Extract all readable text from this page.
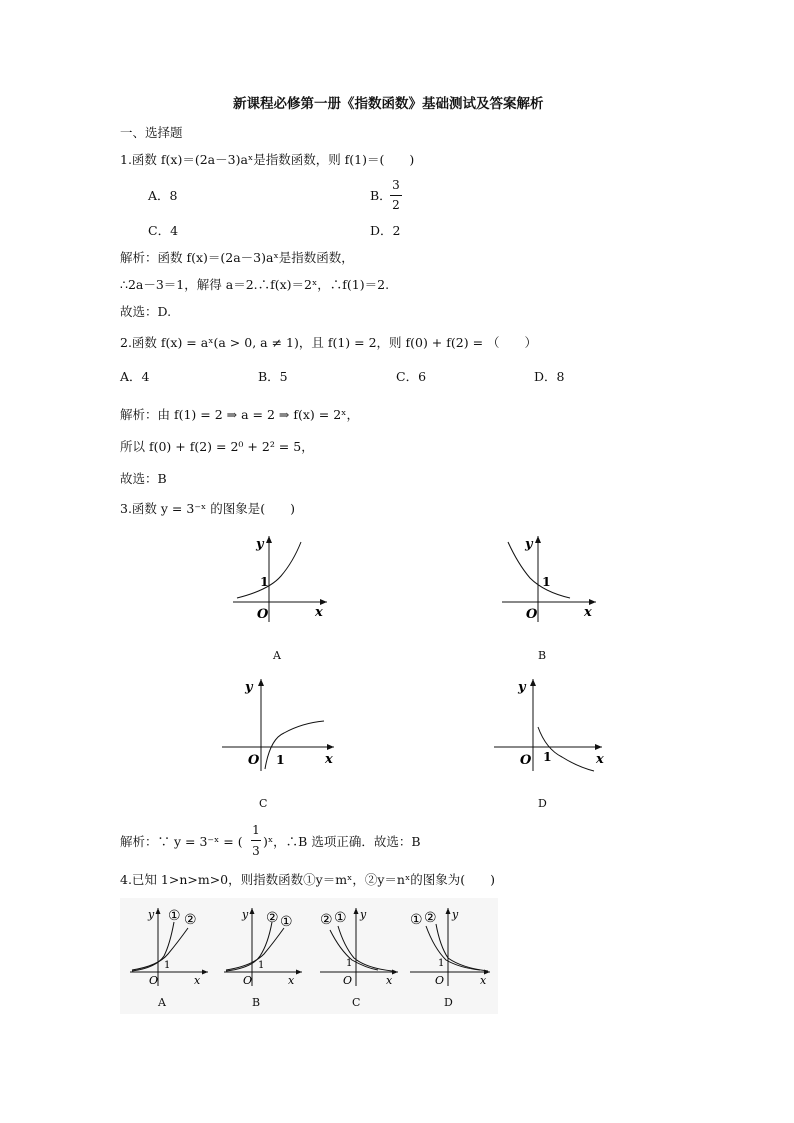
新课程必修第一册《指数函数》基础测试及答案解析
一、选择题
1.函数 f(x)＝(2a－3)aˣ是指数函数，则 f(1)＝(　　)
A．8	B．
3
2
C．4	D．2
解析：函数 f(x)＝(2a－3)aˣ是指数函数，
∴2a－3＝1，解得 a＝2.∴f(x)＝2ˣ，∴f(1)＝2.
故选：D.
2.函数 f(x) = aˣ(a > 0, a ≠ 1)，且 f(1) = 2，则 f(0) + f(2) = （　　）
A．4	B．5	C．6	D．8
解析：由 f(1) = 2 ⇒ a = 2 ⇒ f(x) = 2ˣ，
所以 f(0) + f(2) = 2⁰ + 2² = 5，
故选：B
3.函数 y = 3⁻ˣ 的图象是(　　)
y
x
O
1
A
y
x
O
1
B
y
x
O 1
C
y
x
O 1
D
解析：∵ y = 3⁻ˣ = (
1
3
)ˣ，∴B 选项正确．故选：B
4.已知 1>n>m>0，则指数函数①y＝mˣ，②y＝nˣ的图象为(　　)
y
x
O
1
① ②
A
y
x
O
1
② ①
B
y
x
O
1
② ①
C
y
x
O
1
① ②
D
